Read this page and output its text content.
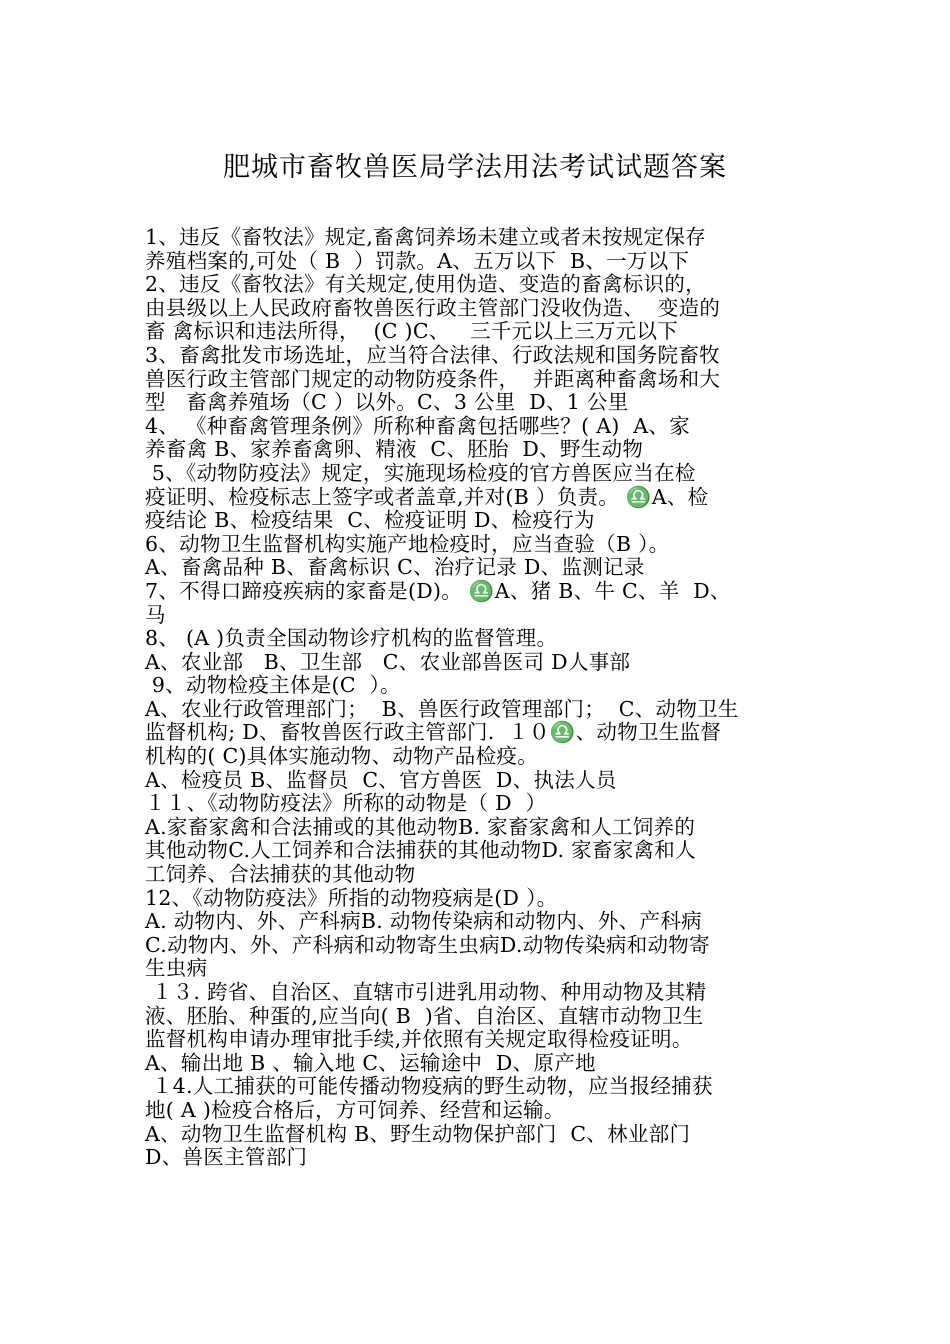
肥城市畜牧兽医局学法用法考试试题答案
1、违反《畜牧法》规定,畜禽饲养场未建立或者未按规定保存
养殖档案的,可处（ B  ）罚款。A、五万以下  B、一万以下
2、违反《畜牧法》有关规定,使用伪造、变造的畜禽标识的，
由县级以上人民政府畜牧兽医行政主管部门没收伪造、  变造的
畜 禽标识和违法所得，  (C )C、   三千元以上三万元以下
3、畜禽批发市场选址，应当符合法律、行政法规和国务院畜牧
兽医行政主管部门规定的动物防疫条件，  并距离种畜禽场和大
型   畜禽养殖场（C ）以外。C、3 公里  D、1 公里
4、 《种畜禽管理条例》所称种畜禽包括哪些？( A)  A、家
养畜禽 B、家养畜禽卵、精液  C、胚胎  D、野生动物
5、《动物防疫法》规定，实施现场检疫的官方兽医应当在检
疫证明、检疫标志上签字或者盖章,并对(B ）负责。 ♎A、检
疫结论 B、检疫结果  C、检疫证明 D、检疫行为
6、动物卫生监督机构实施产地检疫时，应当查验（B ）。
A、畜禽品种 B、畜禽标识 C、治疗记录 D、监测记录
7、不得口蹄疫疾病的家畜是(D)。 ♎A、猪 B、牛 C、羊  D、
马
8、 (A )负责全国动物诊疗机构的监督管理。
A、农业部   B、卫生部   C、农业部兽医司 D人事部
9、动物检疫主体是(C  ）。
A、农业行政管理部门；  B、兽医行政管理部门；  C、动物卫生
监督机构; D、畜牧兽医行政主管部门.  １０♎、动物卫生监督
机构的( C)具体实施动物、动物产品检疫。
A、检疫员 B、监督员  C、官方兽医  D、执法人员
１１、《动物防疫法》所称的动物是（ D  ）
A.家畜家禽和合法捕或的其他动物B. 家畜家禽和人工饲养的
其他动物C.人工饲养和合法捕获的其他动物D. 家畜家禽和人
工饲养、合法捕获的其他动物
12、《动物防疫法》所指的动物疫病是(D ）。
A. 动物内、外、产科病B. 动物传染病和动物内、外、产科病
C.动物内、外、产科病和动物寄生虫病D.动物传染病和动物寄
生虫病
１３. 跨省、自治区、直辖市引进乳用动物、种用动物及其精
液、胚胎、种蛋的,应当向( B  )省、自治区、直辖市动物卫生
监督机构申请办理审批手续,并依照有关规定取得检疫证明。
A、输出地 B 、输入地 C、运输途中  D、原产地
１4.人工捕获的可能传播动物疫病的野生动物，应当报经捕获
地( A )检疫合格后，方可饲养、经营和运输。
A、动物卫生监督机构 B、野生动物保护部门  C、林业部门
D、兽医主管部门
